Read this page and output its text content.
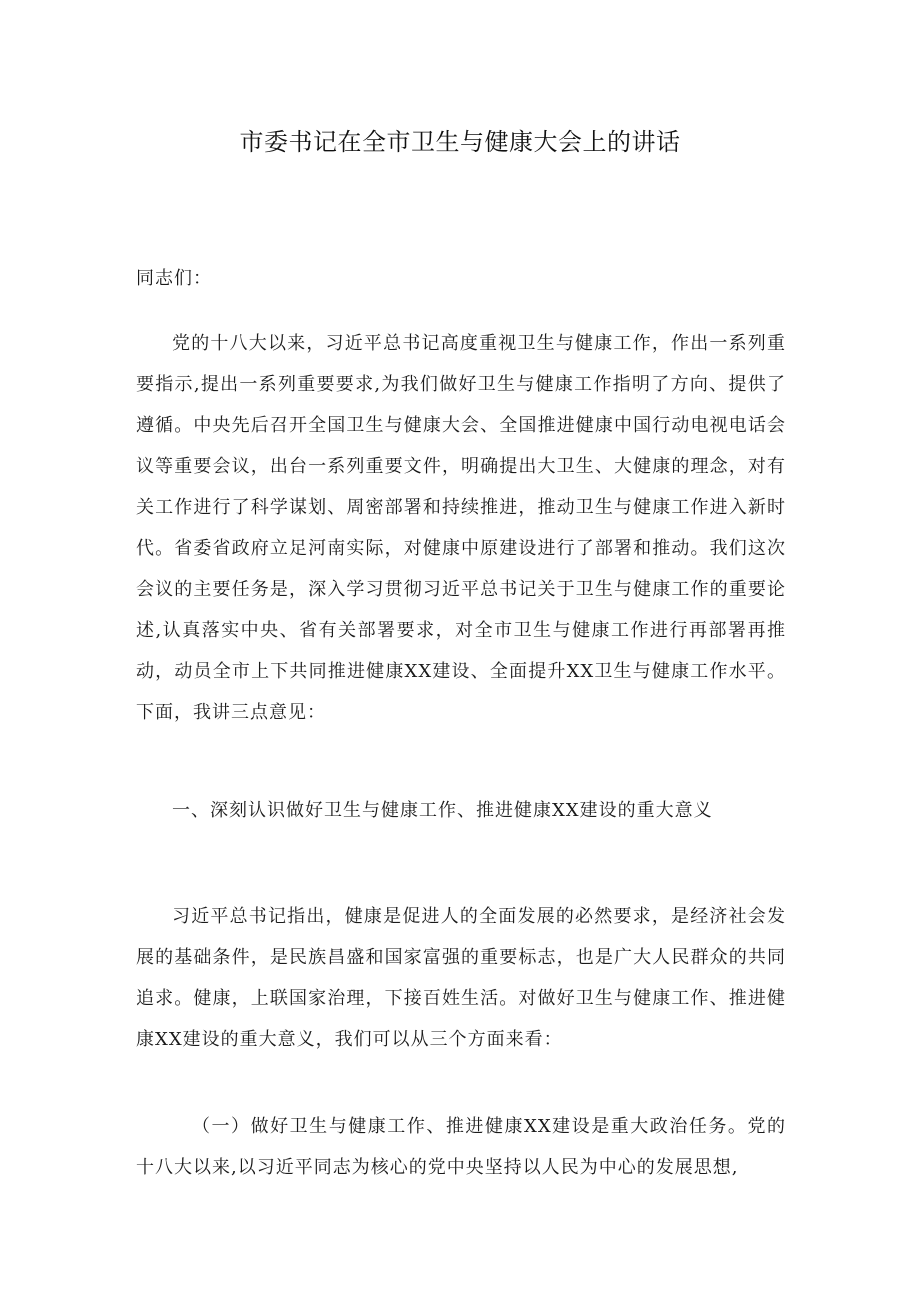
市委书记在全市卫生与健康大会上的讲话

同志们：

党的十八大以来，习近平总书记高度重视卫生与健康工作，作出一系列重要指示,提出一系列重要要求,为我们做好卫生与健康工作指明了方向、提供了遵循。中央先后召开全国卫生与健康大会、全国推进健康中国行动电视电话会议等重要会议，出台一系列重要文件，明确提出大卫生、大健康的理念，对有关工作进行了科学谋划、周密部署和持续推进，推动卫生与健康工作进入新时代。省委省政府立足河南实际，对健康中原建设进行了部署和推动。我们这次会议的主要任务是，深入学习贯彻习近平总书记关于卫生与健康工作的重要论述,认真落实中央、省有关部署要求，对全市卫生与健康工作进行再部署再推动，动员全市上下共同推进健康XX建设、全面提升XX卫生与健康工作水平。下面，我讲三点意见：

一、深刻认识做好卫生与健康工作、推进健康XX建设的重大意义

习近平总书记指出，健康是促进人的全面发展的必然要求，是经济社会发展的基础条件，是民族昌盛和国家富强的重要标志，也是广大人民群众的共同追求。健康，上联国家治理，下接百姓生活。对做好卫生与健康工作、推进健康XX建设的重大意义，我们可以从三个方面来看：

（一）做好卫生与健康工作、推进健康XX建设是重大政治任务。党的十八大以来,以习近平同志为核心的党中央坚持以人民为中心的发展思想,
